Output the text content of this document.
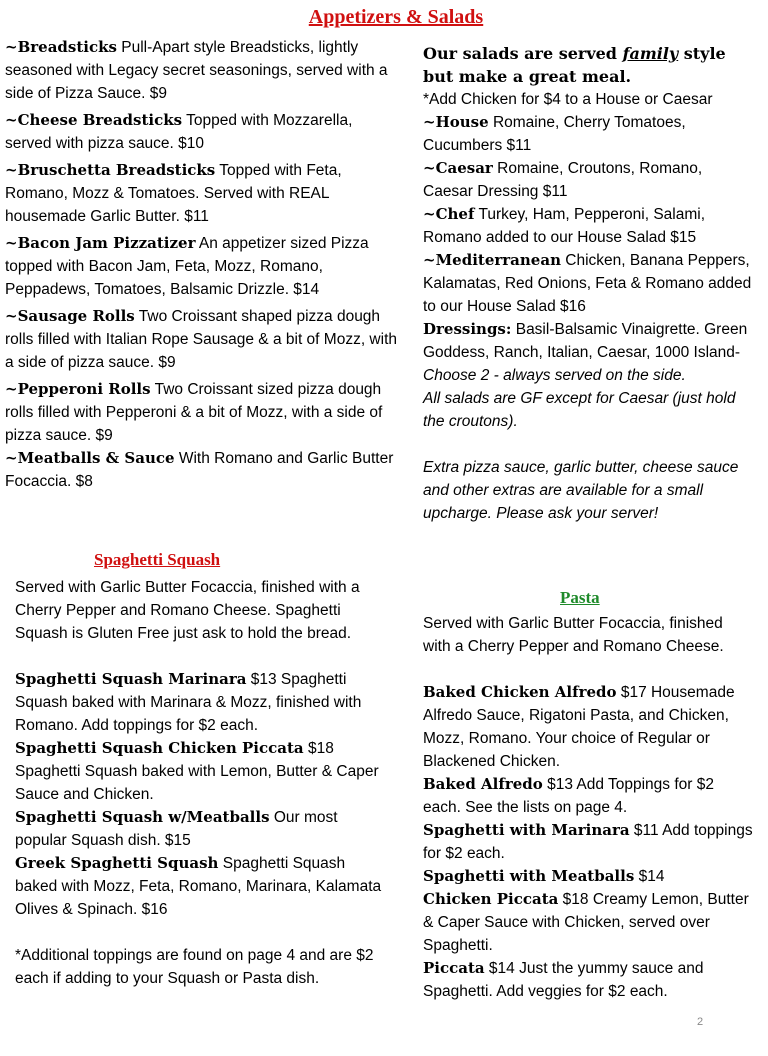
Appetizers & Salads

~Breadsticks Pull-Apart style Breadsticks, lightly seasoned with Legacy secret seasonings, served with a side of Pizza Sauce. $9

~Cheese Breadsticks Topped with Mozzarella, served with pizza sauce. $10

~Bruschetta Breadsticks Topped with Feta, Romano, Mozz & Tomatoes. Served with REAL housemade Garlic Butter. $11

~Bacon Jam Pizzatizer An appetizer sized Pizza topped with Bacon Jam, Feta, Mozz, Romano, Peppadews, Tomatoes, Balsamic Drizzle. $14

~Sausage Rolls Two Croissant shaped pizza dough rolls filled with Italian Rope Sausage & a bit of Mozz, with a side of pizza sauce. $9

~Pepperoni Rolls Two Croissant sized pizza dough rolls filled with Pepperoni & a bit of Mozz, with a side of pizza sauce. $9

~Meatballs & Sauce With Romano and Garlic Butter Focaccia. $8

Our salads are served family style but make a great meal.

*Add Chicken for $4 to a House or Caesar

~House Romaine, Cherry Tomatoes, Cucumbers $11

~Caesar Romaine, Croutons, Romano, Caesar Dressing $11

~Chef Turkey, Ham, Pepperoni, Salami, Romano added to our House Salad $15

~Mediterranean Chicken, Banana Peppers, Kalamatas, Red Onions, Feta & Romano added to our House Salad $16

Dressings: Basil-Balsamic Vinaigrette. Green Goddess, Ranch, Italian, Caesar, 1000 Island-Choose 2 - always served on the side.

All salads are GF except for Caesar (just hold the croutons).

Extra pizza sauce, garlic butter, cheese sauce and other extras are available for a small upcharge. Please ask your server!

Spaghetti Squash

Served with Garlic Butter Focaccia, finished with a Cherry Pepper and Romano Cheese. Spaghetti Squash is Gluten Free just ask to hold the bread.

Spaghetti Squash Marinara $13 Spaghetti Squash baked with Marinara & Mozz, finished with Romano. Add toppings for $2 each.

Spaghetti Squash Chicken Piccata $18 Spaghetti Squash baked with Lemon, Butter & Caper Sauce and Chicken.

Spaghetti Squash w/Meatballs Our most popular Squash dish. $15

Greek Spaghetti Squash Spaghetti Squash baked with Mozz, Feta, Romano, Marinara, Kalamata Olives & Spinach. $16

*Additional toppings are found on page 4 and are $2 each if adding to your Squash or Pasta dish.

Pasta

Served with Garlic Butter Focaccia, finished with a Cherry Pepper and Romano Cheese.

Baked Chicken Alfredo $17 Housemade Alfredo Sauce, Rigatoni Pasta, and Chicken, Mozz, Romano. Your choice of Regular or Blackened Chicken.

Baked Alfredo $13 Add Toppings for $2 each. See the lists on page 4.

Spaghetti with Marinara $11 Add toppings for $2 each.

Spaghetti with Meatballs $14

Chicken Piccata $18 Creamy Lemon, Butter & Caper Sauce with Chicken, served over Spaghetti.

Piccata $14 Just the yummy sauce and Spaghetti. Add veggies for $2 each.

2
